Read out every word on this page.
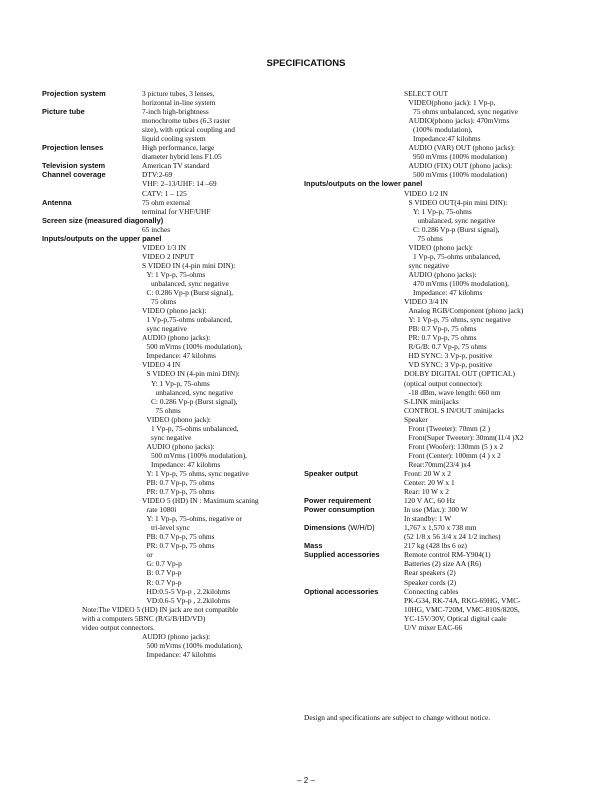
SPECIFICATIONS
Projection system	3 picture tubes, 3 lenses,
horizontal in-line system
Picture tube	7-inch high-brightness
monochrome tubes (6.3 raster
size), with optical coupling and
liquid cooling system
Projection lenses	High performance, large
diameter hybrid lens F1.05
Television system	American TV standard
Channel coverage	DTV:2-69
VHF: 2–13/UHF: 14 –69
CATV: 1 – 125
Antenna	75 ohm external
terminal for VHF/UHF
Screen size (measured diagonally)
65 inches
Inputs/outputs on the upper panel
VIDEO 1/3 IN
VIDEO 2 INPUT
S VIDEO IN (4-pin mini DIN):
Y: 1 Vp-p, 75-ohms
unbalanced, sync negative
C: 0.286 Vp-p (Burst signal),
75 ohms
VIDEO (phono jack):
1 Vp-p,75-ohms unbalanced,
sync negative
AUDIO (phono jacks):
500 mVrms (100% modulation),
Impedance: 47 kilohms
VIDEO 4 IN
S VIDEO IN (4-pin mini DIN):
Y: 1 Vp-p, 75-ohms
unbalanced, sync negative
C: 0.286 Vp-p (Burst signal),
75 ohms
VIDEO (phono jack):
1 Vp-p, 75-ohms unbalanced,
sync negative
AUDIO (phono jacks):
500 mVrms (100% modulation),
Impedance: 47 kilohms
Y: 1 Vp-p, 75 ohms, sync negative
PB: 0.7 Vp-p, 75 ohms
PR: 0.7 Vp-p, 75 ohms
VIDEO 5 (HD) IN : Maximum scaning
rate 1080i
Y: 1 Vp-p, 75-ohms, negative or
tri-level sync
PB: 0.7 Vp-p, 75 ohms
PR: 0.7 Vp-p, 75 ohms
or
G: 0.7 Vp-p
B: 0.7 Vp-p
R: 0.7 Vp-p
HD:0.5-5 Vp-p , 2.2kilohms
VD:0.6-5 Vp-p , 2.2kilohms
Note:The VIDEO 5 (HD) IN jack are not compatible
with a computers 5BNC (R/G/B/HD/VD)
video output connectors.
AUDIO (phono jacks):
500 mVrms (100% modulation),
Impedance: 47 kilohms
SELECT OUT
VIDEO(phono jack): 1 Vp-p,
75 ohms unbalanced, sync negative
AUDIO(phono jacks): 470mVrms
(100% modulation),
Impedance:47 kilohms
AUDIO (VAR) OUT (phono jacks):
950 mVrms (100% modulation)
AUDIO (FIX) OUT (phono jacks):
500 mVrms (100% modulation)
Inputs/outputs on the lower panel
VIDEO 1/2 IN
S VIDEO OUT(4-pin mini DIN):
Y: 1 Vp-p, 75-ohms
unbalanced, sync negative
C: 0.286 Vp-p (Burst signal),
75 ohms
VIDEO (phono jack):
1 Vp-p, 75-ohms unbalanced,
sync negative
AUDIO (phono jacks):
470 mVrms (100% modulation),
Impedance: 47 kilohms
VIDEO 3/4 IN
Analog RGB/Component (phono jack)
Y: 1 Vp-p, 75 ohms, sync negative
PB: 0.7 Vp-p, 75 ohms
PR: 0.7 Vp-p, 75 ohms
R/G/B: 0.7 Vp-p, 75 ohms
HD SYNC: 3 Vp-p, positive
VD SYNC: 3 Vp-p, positive
DOLBY DIGITAL OUT (OPTICAL)
(optical output connector):
-18 dBm, wave length: 660 nm
S-LINK minijacks
CONTROL S IN/OUT :minijacks
Speaker
Front (Tweeter): 70mm (2 )
Front(Super Tweeter): 30mm(11/4 )X2
Front (Woofer): 130mm (5 ) x 2
Front (Center): 100mm (4 ) x 2
Rear:70mm(23/4 )x4
Speaker output	Front: 20 W x 2
Center: 20 W x 1
Rear: 10 W x 2
Power requirement	120 V AC, 60 Hz
Power consumption	In use (Max.): 300 W
In standby: 1 W
Dimensions (W/H/D)	1,767 x 1,570 x 738 mm
(52 1/8 x 56 3/4 x 24 1/2 inches)
Mass	217 kg (428 lbs 6 oz)
Supplied accessories	Remote control RM-Y904(1)
Batteries (2) size AA (R6)
Rear speakers (2)
Speaker cords (2)
Optional accessories	Connecting cables
PK-G34, RK-74A, RKG-69HG, VMC-
10HG, VMC-720M, VMC-810S/820S,
YC-15V/30V, Optical digital caale
U/V mixer EAC-66
Design and specifications are subject to change without notice.
– 2 –
